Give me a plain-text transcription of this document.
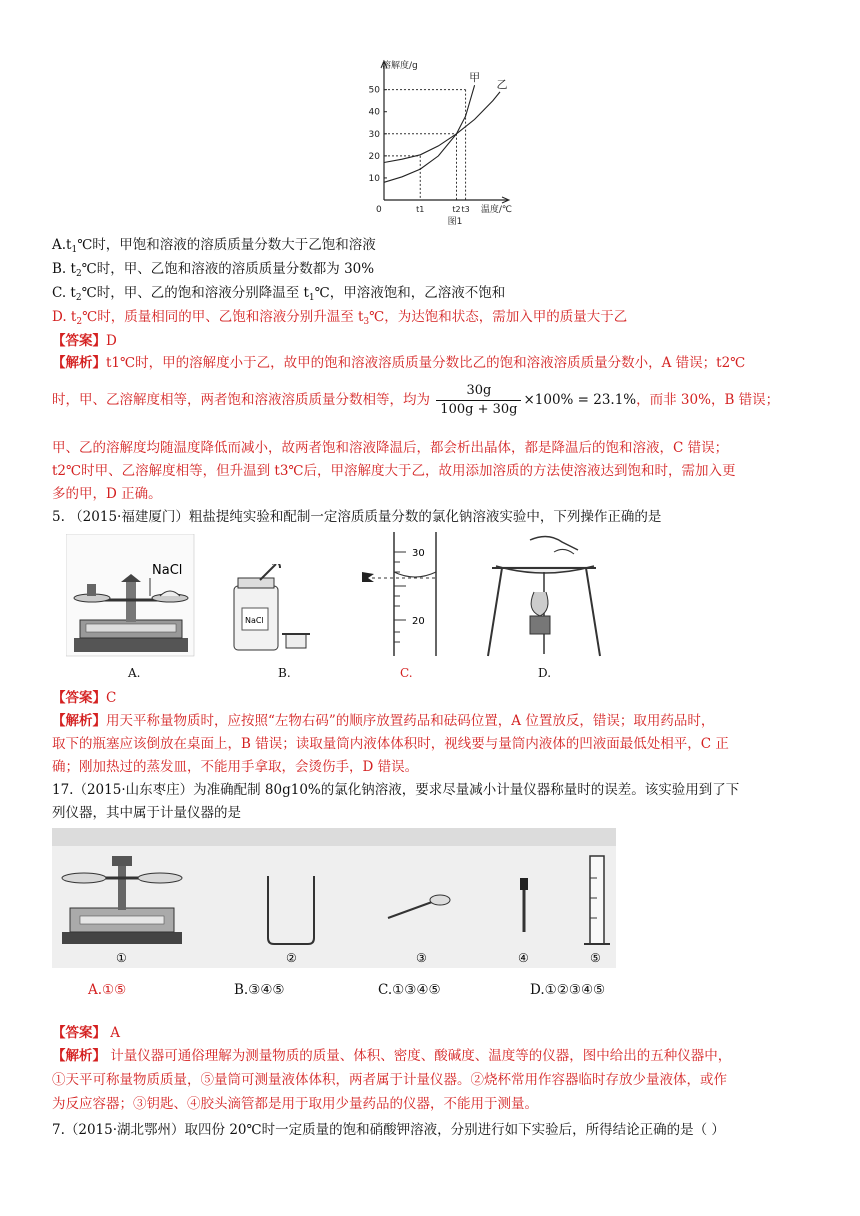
溶解度/g
0
10
20
30
40
50
t1	t2 t3
甲
乙
温度/℃
图1
$A.t_1℃$时，甲饱和溶液的溶质质量分数大于乙饱和溶液
B. $t_2℃$时，甲、乙饱和溶液的溶质质量分数都为 30%
C. $t_2℃$时，甲、乙的饱和溶液分别降温至 $t_1℃$，甲溶液饱和，乙溶液不饱和
D. $t_2℃$时，质量相同的甲、乙饱和溶液分别升温至 $t_3℃$，为达饱和状态，需加入甲的质量大于乙
【答案】D
【解析】t1℃时，甲的溶解度小于乙，故甲的饱和溶液溶质质量分数比乙的饱和溶液溶质质量分数小，A 错误；t2℃
时，甲、乙溶解度相等，两者饱和溶液溶质质量分数相等，均为 $\frac{30g}{100g + 30g} \times 100\% = 23.1\%$，而非 30%，B 错误；
甲、乙的溶解度均随温度降低而减小，故两者饱和溶液降温后，都会析出晶体，都是降温后的饱和溶液，C 错误；
t2℃时甲、乙溶解度相等，但升温到 t3℃后，甲溶解度大于乙，故用添加溶质的方法使溶液达到饱和时，需加入更
多的甲，D 正确。
5. （2015·福建厦门）粗盐提纯实验和配制一定溶质质量分数的氯化钠溶液实验中，下列操作正确的是
NaCl
NaCl
30
20
A.	B.	C.	D.
【答案】C
【解析】用天平称量物质时，应按照“左物右码”的顺序放置药品和砝码位置，A 位置放反，错误；取用药品时，
取下的瓶塞应该倒放在桌面上，B 错误；读取量筒内液体体积时，视线要与量筒内液体的凹液面最低处相平，C 正
确；刚加热过的蒸发皿，不能用手拿取，会烫伤手，D 错误。
17.（2015·山东枣庄）为准确配制 80g10%的氯化钠溶液，要求尽量减小计量仪器称量时的误差。该实验用到了下
列仪器，其中属于计量仪器的是
②	③	④	⑤
①
A.①⑤	B.③④⑤	C.①③④⑤	D.①②③④⑤
【答案】 A
【解析】 计量仪器可通俗理解为测量物质的质量、体积、密度、酸碱度、温度等的仪器，图中给出的五种仪器中，
①天平可称量物质质量，⑤量筒可测量液体体积，两者属于计量仪器。②烧杯常用作容器临时存放少量液体，或作
为反应容器；③钥匙、④胶头滴管都是用于取用少量药品的仪器，不能用于测量。
7.（2015·湖北鄂州）取四份 20℃时一定质量的饱和硝酸钾溶液，分别进行如下实验后，所得结论正确的是（ ）
